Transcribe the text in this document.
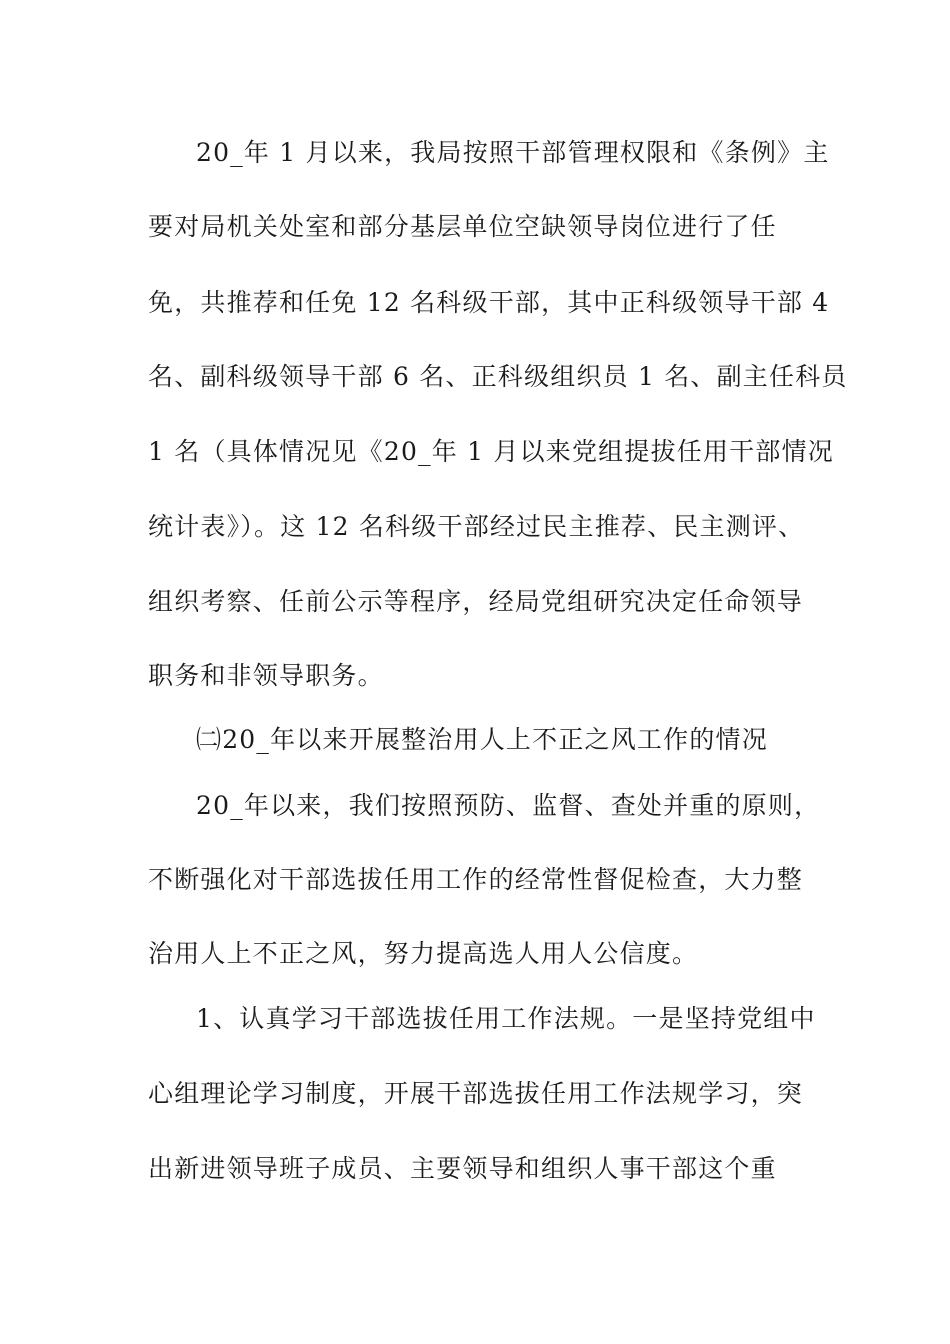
20_年 1 月以来，我局按照干部管理权限和《条例》主
要对局机关处室和部分基层单位空缺领导岗位进行了任
免，共推荐和任免 12 名科级干部，其中正科级领导干部 4
名、副科级领导干部 6 名、正科级组织员 1 名、副主任科员
1 名（具体情况见《20_年 1 月以来党组提拔任用干部情况
统计表》）。这 12 名科级干部经过民主推荐、民主测评、
组织考察、任前公示等程序，经局党组研究决定任命领导
职务和非领导职务。
㈡20_年以来开展整治用人上不正之风工作的情况
20_年以来，我们按照预防、监督、查处并重的原则，
不断强化对干部选拔任用工作的经常性督促检查，大力整
治用人上不正之风，努力提高选人用人公信度。
1、认真学习干部选拔任用工作法规。一是坚持党组中
心组理论学习制度，开展干部选拔任用工作法规学习，突
出新进领导班子成员、主要领导和组织人事干部这个重
